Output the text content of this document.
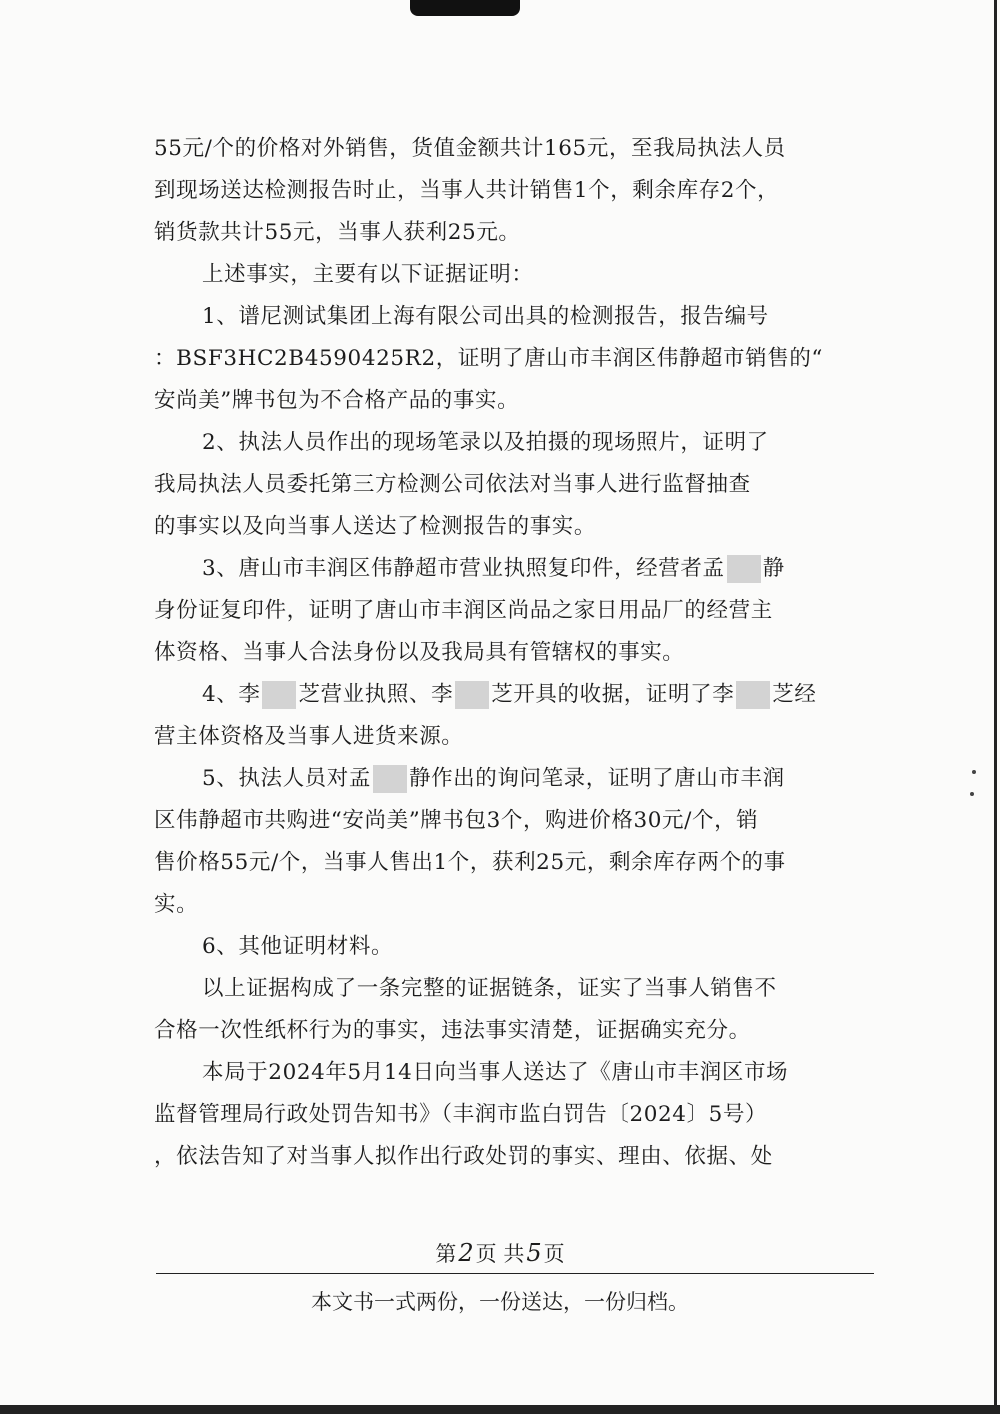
55元/个的价格对外销售，货值金额共计165元，至我局执法人员
到现场送达检测报告时止，当事人共计销售1个，剩余库存2个，
销货款共计55元，当事人获利25元。
上述事实，主要有以下证据证明：
1、谱尼测试集团上海有限公司出具的检测报告，报告编号
：BSF3HC2B4590425R2，证明了唐山市丰润区伟静超市销售的“
安尚美”牌书包为不合格产品的事实。
2、执法人员作出的现场笔录以及拍摄的现场照片，证明了
我局执法人员委托第三方检测公司依法对当事人进行监督抽查
的事实以及向当事人送达了检测报告的事实。
3、唐山市丰润区伟静超市营业执照复印件，经营者孟 静
身份证复印件，证明了唐山市丰润区尚品之家日用品厂的经营主
体资格、当事人合法身份以及我局具有管辖权的事实。
4、李 芝营业执照、李 芝开具的收据，证明了李 芝经
营主体资格及当事人进货来源。
5、执法人员对孟 静作出的询问笔录，证明了唐山市丰润
区伟静超市共购进“安尚美”牌书包3个，购进价格30元/个，销
售价格55元/个，当事人售出1个，获利25元，剩余库存两个的事
实。
6、其他证明材料。
以上证据构成了一条完整的证据链条，证实了当事人销售不
合格一次性纸杯行为的事实，违法事实清楚，证据确实充分。
本局于2024年5月14日向当事人送达了《唐山市丰润区市场
监督管理局行政处罚告知书》（丰润市监白罚告〔2024〕5号）
，依法告知了对当事人拟作出行政处罚的事实、理由、依据、处
第2页 共5页
本文书一式两份，一份送达，一份归档。
